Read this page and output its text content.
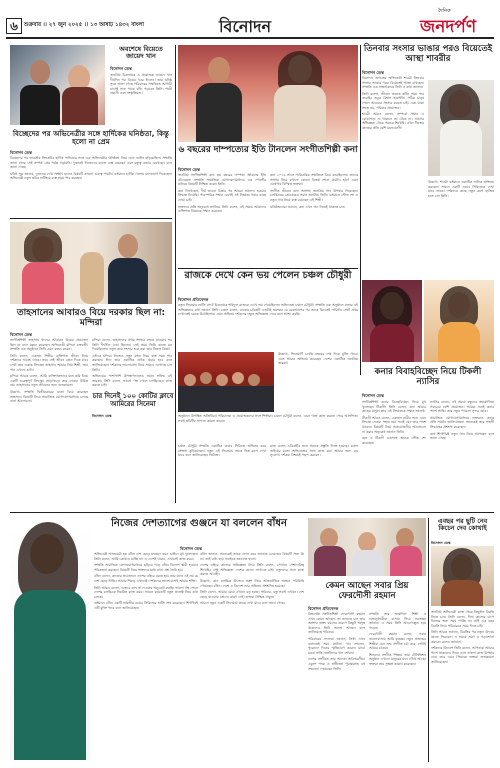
৬	শুক্রবার ।। ২৭ জুন ২০২৫ ।। ১৩ আষাঢ় ১৪৩২ বাংলা	বিনোদন
দৈনিক
জনদর্পণ
অবশেষে বিয়েতে জায়েদ খান
বিনোদন ডেস্ক

জনপ্রিয় চিত্রনায়ক ও প্রযোজক জায়েদ খান দীর্ঘদিন পর বিয়ের খবর দিলেন। তার ঘনিষ্ঠ সূত্রে জানা গেছে পরিবারের সম্মতিতে আগামী মাসেই সাত পাকে বাঁধা পড়বেন তিনি। পাত্রী প্রবাসী এবং সংস্কৃতিমনা।

বিচ্ছেদের পর অভিনেত্রীর সঙ্গে হার্দিকের ঘনিষ্ঠতা, কিন্তু হলো না প্রেম
বিনোদন ডেস্ক

বিচ্ছেদের পর ভারতীয় ক্রিকেটার হার্দিক পান্ডিয়ার সঙ্গে এক অভিনেত্রীর ঘনিষ্ঠতা নিয়ে নানা গুঞ্জন ছড়িয়েছিল। সম্প্রতি জানা গেছে সেই সম্পর্ক প্রেম পর্যন্ত গড়ায়নি। দুজনেই নিজেদের কাজে ব্যস্ত রয়েছেন এবং বন্ধুত্ব বজায় রেখেছেন বলে জানা গেছে।

ঘনিষ্ঠ সূত্র জানায়, দুজনের দেখা সাক্ষাৎ হলেও বিষয়টি কখনো গুরুত্ব পায়নি। বর্তমানে হার্দিক খেলায় মনোযোগ দিয়েছেন। অভিনেত্রী নতুন ছবির শুটিংয়ে ব্যস্ত সময় পার করছেন।

তাহসানের আবারও বিয়ে দরকার ছিল না: মন্দিরা
বিনোদন ডেস্ক

সংগীতশিল্পী তাহসান খানের আবারও বিয়ের প্রয়োজন ছিল না বলে মন্তব্য করেছেন অভিনেত্রী মন্দিরা চক্রবর্তী। সম্প্রতি এক অনুষ্ঠানে তিনি এমন মন্তব্য করেন।

তিনি বলেন, একজন শিল্পীর ব্যক্তিগত জীবন নিয়ে দর্শকদের আগ্রহ থাকে। তবে সেই জীবন কোন দিকে যাবে সেটা তার একান্ত সিদ্ধান্ত। তাহসান আমার প্রিয় শিল্পী, তার গান এখনো শুনি।

মন্দিরা আরও বলেন, আমি ব্যক্তিগতভাবে মনে করি বিয়ে একটি গুরুত্বপূর্ণ সিদ্ধান্ত। তাড়াহুড়ো করে নেওয়া উচিত নয়। তাহসানের নতুন জীবনের জন্য শুভকামনা।

উল্লেখ্য, সম্প্রতি দ্বিতীয়বারের মতো বিয়ে করেছেন তাহসান। বিষয়টি নিয়ে সামাজিক যোগাযোগমাধ্যমে চলছে নানা আলোচনা।

মন্দিরা বলেন, তাহসানের প্রথম সংসার ভেঙে যাওয়ার পর তিনি দীর্ঘদিন একা ছিলেন। সেই সময় তিনি কাজে মন দিয়েছিলেন। নতুন করে সংসার শুরু করা তার নিজস্ব বিষয়।

এদিকে মন্দিরা নিজেও নতুন কাজ নিয়ে ব্যস্ত সময় পার করছেন। ঈদে তার একাধিক নাটক প্রচার হবে বলে জানিয়েছেন। দর্শকদের ভালোবাসা নিয়ে সামনে এগোতে চান তিনি।

অভিনয়ের পাশাপাশি উপস্থাপনাতেও সমান সক্রিয় এই তারকা। তিনি বলেন, ভালো গল্প পেলে চলচ্চিত্রেও কাজ করতে চাই।

তিনবার সংসার ভাঙার পরও বিয়েতেই আস্থা শাবরীর
বিনোদন ডেস্ক

বিনোদন জগতের অভিনেত্রী শাবরী তিনবার সংসার ভাঙার পরও বিয়েতেই আস্থা রাখছেন। সম্প্রতি এক সাক্ষাৎকারে তিনি এ কথা জানান।

তিনি বলেন, জীবনে অনেক কঠিন সময় পার করেছি। তবুও বিশ্বাস হারাইনি। সঠিক মানুষ পেলে আবারও সংসার করতে চাই। একা থাকা সহজ নয়, পরিবার প্রয়োজন।

শাবরী আরও বলেন, সম্পর্কে সম্মান ও বোঝাপড়া না থাকলে তা টেকে না। আগের অভিজ্ঞতা থেকে অনেক শিখেছি। এখন নিজের কাজের প্রতি বেশি মনোযোগী।

উল্লেখ্য, শাবরী বর্তমানে একাধিক নাটকে অভিনয় করছেন। সামনে একটি ওয়েব সিরিজেও দেখা যাবে তাকে। দর্শকদের কাছে নতুন রূপে হাজির হতে চান তিনি।

৬ বছরের দাম্পত্যের ইতি টানলেন সংগীতশিল্পী কনা
বিনোদন ডেস্ক

জনপ্রিয় সংগীতশিল্পী কনা ছয় বছরের দাম্পত্য জীবনের ইতি টেনেছেন। সম্প্রতি সামাজিক যোগাযোগমাধ্যমে এক পোস্টের মাধ্যমে বিষয়টি নিশ্চিত করেন তিনি।

কনা লিখেছেন, দীর্ঘ ভাবনা চিন্তার পর আমরা আলাদা হওয়ার সিদ্ধান্ত নিয়েছি। পারস্পরিক সম্মান রেখেই এই সিদ্ধান্ত। সবার কাছে দোয়া চাই।

ভক্তদের প্রতি অনুরোধ জানিয়ে তিনি বলেন, এই সময়ে আমাদের ব্যক্তিগত বিষয়কে সম্মান করবেন।

কনা ২০১৯ সালে পারিবারিক সম্মতিতে বিয়ে করেছিলেন। তাদের সংসার নিয়ে কখনো কোনো বিতর্ক শোনা যায়নি। হঠাৎ এমন ঘোষণায় বিস্মিত ভক্তরা।

সংগীত জীবনে কনা অসংখ্য জনপ্রিয় গান উপহার দিয়েছেন। চলচ্চিত্রের প্লেব্যাকেও সমান জনপ্রিয় তিনি। বর্তমানে স্টেজ শো ও নতুন গান নিয়ে ব্যস্ত রয়েছেন এই শিল্পী।

ঘনিষ্ঠজনেরা জানান, কনা এখন গান নিয়েই থাকতে চান।

রাজকে দেখে কেন ভয় পেলেন চঞ্চল চৌধুরী
বিনোদন প্রতিবেদক

নতুন সিনেমার শুটিং সেটে চিত্রনায়ক শরিফুল রাজকে দেখে ভয় পেয়েছিলেন অভিনেতা চঞ্চল চৌধুরী। সম্প্রতি এক অনুষ্ঠানে মজার এই অভিজ্ঞতার কথা জানান তিনি। চঞ্চল বলেন, রাজের চরিত্রটি এতটাই ভয়ংকর যে মেকআপের পর তাকে চিনতেই পারিনি। সেটে প্রথম দেখাতেই চমকে উঠেছিলাম। এমন অভিনয় দর্শকদের নতুন অভিজ্ঞতা দেবে বলে আশা করছি।

উল্লেখ্য, সিনেমাটি চলতি বছরের শেষ দিকে মুক্তি পাবে। এতে আরও অভিনয় করেছেন দেশের একাধিক জনপ্রিয় তারকা।

অনুষ্ঠানে উপস্থিত অতিথিরা। পরিচালক ও প্রযোজকদের সঙ্গে শিল্পীরা। চঞ্চল চৌধুরী বলেন, এমন গল্পে কাজ করতে পেরে আনন্দিত। সবাই ছবিটির সাফল্য কামনা করেন।

চার দিনেই ১০০ কোটির ক্লাবে আমিরের সিনেমা
বিনোদন ডেস্ক
কনার বিবাহবিচ্ছেদ নিয়ে টিকলী ন্যাসির
বিনোদন ডেস্ক

সংগীতশিল্পী কনার বিবাহবিচ্ছেদ নিয়ে মুখ খুলেছেন টিকলী। তিনি বলেন, কনা আমার কাছের মানুষ। তার এই সিদ্ধান্তকে সম্মান জানাই।

টিকলী আরও বলেন, একজন নারীর জন্য এমন সিদ্ধান্ত নেওয়া সহজ নয়। সবাই যেন তার পাশে থাকেন। বিষয়টি নিয়ে অপ্রয়োজনীয় আলোচনা না করার অনুরোধ জানান তিনি।

কনা ও টিকলী একসঙ্গে অনেক স্টেজ শো করেছেন।

ন্যাসির বলেন, এই সময়ে বন্ধুদের সহযোগিতা সবচেয়ে বেশি প্রয়োজন। আমরা সবাই কনার পাশে আছি। তার নতুন পথচলা সুন্দর হোক।

সামাজিক যোগাযোগমাধ্যমে ভক্তরাও কনার প্রতি সমর্থন জানিয়েছেন। অনেকেই তার সাহসী সিদ্ধান্তের প্রশংসা করেছেন।

কনা শিগগিরই নতুন গান নিয়ে আসছেন বলে জানা গেছে।

চঞ্চল চৌধুরী সম্প্রতি একাধিক ওয়েব সিরিজে অভিনয় করে প্রশংসা কুড়িয়েছেন। নতুন এই সিনেমায় তাকে ভিন্ন রূপে দেখা যাবে বলে জানিয়েছেন নির্মাতা।

রাজ বলেন, চরিত্রটির জন্য অনেক প্রস্তুতি নিতে হয়েছে। চঞ্চল ভাইয়ের মতো অভিনেতার সঙ্গে কাজ করা আমার জন্য বড় সুযোগ। দর্শকরা নিশ্চয়ই পছন্দ করবেন।

নিজের দেশত্যাগের গুঞ্জনে যা বললেন বাঁধন
বিনোদন ডেস্ক

অভিনেত্রী আজমেরী হক বাঁধন দেশ ছেড়ে যাচ্ছেন এমন গুঞ্জনে মুখ খুলেছেন। তিনি বলেন, আমি কোথাও যাচ্ছি না। এ দেশেই থাকব, এখানেই কাজ করব।

সম্প্রতি সামাজিক যোগাযোগমাধ্যমে ছড়িয়ে পড়ে বাঁধন বিদেশে স্থায়ী হওয়ার পরিকল্পনা করছেন। বিষয়টি নিয়ে ভক্তদের মধ্যে নানা প্রশ্ন তৈরি হয়।

বাঁধন বলেন, কাজের প্রয়োজনে দেশের বাইরে যেতে হয়। তার মানে এই নয় যে দেশ ছেড়ে দিচ্ছি। আমার শিকড় এখানেই। দর্শকদের ভালোবাসাই আমার শক্তি।

তিনি আরও বলেন, গুজবে কান না দেওয়ার অনুরোধ করছি। ভালো গল্প পেলে দেশের চলচ্চিত্রে নিয়মিত কাজ করব। সামনে কয়েকটি নতুন প্রজেক্ট নিয়ে কথা চলছে।

বর্তমানে বাঁধন একটি ভারতীয় ওয়েব সিরিজের শুটিং শেষ করেছেন। শিগগিরই এটি মুক্তি পাবে বলে জানিয়েছেন।

বাঁধন জানান, অনেকেই তাকে ফোন করে জানতে চেয়েছেন বিষয়টি সত্য কি না। তাই বাধ্য হয়ে সবাইকে জানাতে হলো।

দেশের বাইরে কাজের অভিজ্ঞতা নিয়ে তিনি বলেন, সেখানে পেশাদারিত্ব শিখেছি। সেই অভিজ্ঞতা দেশের কাজে লাগাতে চাই। নতুনদের সঙ্গে কাজ করতে আগ্রহী।

উল্লেখ্য, কান চলচ্চিত্র উৎসবে অংশ নিয়ে আন্তর্জাতিক অঙ্গনে পরিচিতি পেয়েছেন বাঁধন। দেশে ও বিদেশে তার অভিনয় প্রশংসিত হয়েছে।

তিনি বলেন, আমার মেয়ে এখানে বড় হচ্ছে। পরিবার, বন্ধু সবাই এখানে। দেশ ছেড়ে যাওয়ার কোনো কারণ নেই। ভক্তরা নিশ্চিন্ত থাকুন।

সামনে নতুন একটি সিনেমায় তাকে দেখা যাবে বলে জানা গেছে।

কেমন আছেন সবার প্রিয় ফেরদৌসী রহমান
বিনোদন প্রতিবেদক

কিংবদন্তি সংগীতশিল্পী ফেরদৌসী রহমান এখন কেমন আছেন, তা জানতে চান তার অসংখ্য ভক্ত। বয়সের কারণে কিছুটা অসুস্থ থাকলেও তিনি ভালো আছেন বলে জানিয়েছে পরিবার।

পরিবারের সদস্যরা জানান, তিনি এখন বাসাতেই সময় কাটান। গান শোনেন, পুরোনো দিনের স্মৃতিচারণ করেন। মাঝে মাঝে নাতি নাতনিদের গান শেখান।

দেশের সংগীতে তার অবদান অবিস্মরণীয়। একুশে পদক ও স্বাধীনতা পুরস্কারসহ বহু সম্মাননা পেয়েছেন তিনি।

সম্প্রতি তার জন্মদিনে শিল্পী ও শুভানুধ্যায়ীরা বাসায় গিয়ে শুভেচ্ছা জানান। এ সময় তিনি আবেগাপ্লুত হয়ে পড়েন।

ফেরদৌসী রহমান বলেন, সবার ভালোবাসায় আমি কৃতজ্ঞ। নতুন প্রজন্মের শিল্পীরা যেন শুদ্ধ সংগীত চর্চা করে, সেটাই আমার চাওয়া।

শিশুদের সংগীত শিক্ষায় তার টেলিভিশন অনুষ্ঠান এখনো মানুষের মনে গেঁথে আছে। ভক্তরা তার সুস্থতা কামনা করেছেন।

এবছর পর ছুটি নেব কিচেন দেব কোথাই
বিনোদন ডেস্ক

জনপ্রিয় অভিনেত্রী কাজ থেকে কিছুদিন বিরতি নিতে চান। তিনি বলেন, টানা কাজের চাপে নিজের জন্য সময় পাচ্ছি না। তাই এক বছর বিরতি নিয়ে পরিবারকে সময় দিতে চাই।

তিনি আরও জানান, বিরতির পর নতুন উদ্যমে কাজে ফিরবেন। এ সময়ে ভ্রমণ ও পড়াশোনা করবেন বলেও জানান।

দর্শকদের উদ্দেশে তিনি বলেন, আপনারা আমার পাশে থাকবেন। ফিরে এসে ভালো কাজ উপহার দেব। তার এমন সিদ্ধান্তে ভক্তরা শুভকামনা জানিয়েছেন।
